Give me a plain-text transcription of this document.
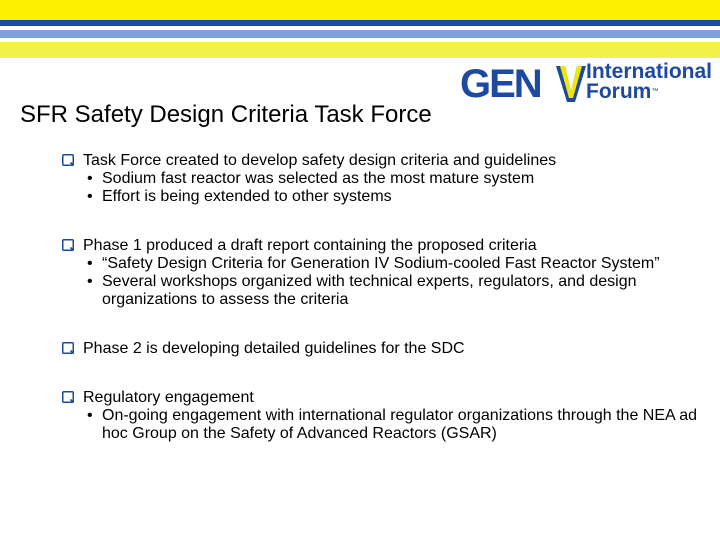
GEN International
Forum™
SFR Safety Design Criteria Task Force
Task Force created to develop safety design criteria and guidelines
• Sodium fast reactor was selected as the most mature system
• Effort is being extended to other systems
Phase 1 produced a draft report containing the proposed criteria
• “Safety Design Criteria for Generation IV Sodium-cooled Fast Reactor System”
• Several workshops organized with technical experts, regulators, and design organizations to assess the criteria
Phase 2 is developing detailed guidelines for the SDC
Regulatory engagement
• On-going engagement with international regulator organizations through the NEA ad hoc Group on the Safety of Advanced Reactors (GSAR)
